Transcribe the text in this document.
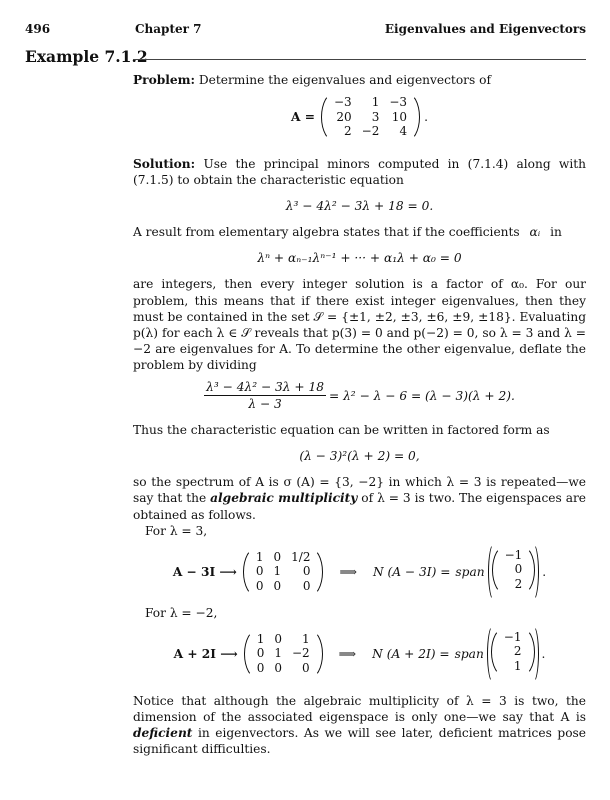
496	Chapter 7	Eigenvalues and Eigenvectors
Example 7.1.2

Problem: Determine the eigenvalues and eigenvectors of

A =
−3	1	−3
20	3	10
2	−2	4
.

Solution: Use the principal minors computed in (7.1.4) along with (7.1.5) to obtain the characteristic equation

λ³ − 4λ² − 3λ + 18 = 0.

A result from elementary algebra states that if the coefficients αᵢ in

λⁿ + αₙ₋₁λⁿ⁻¹ + ··· + α₁λ + α₀ = 0

are integers, then every integer solution is a factor of α₀. For our problem, this means that if there exist integer eigenvalues, then they must be contained in the set 𝒮 = {±1, ±2, ±3, ±6, ±9, ±18}. Evaluating p(λ) for each λ ∈ 𝒮 reveals that p(3) = 0 and p(−2) = 0, so λ = 3 and λ = −2 are eigenvalues for A. To determine the other eigenvalue, deflate the problem by dividing

$\frac{\text{λ³ − 4λ² − 3λ + 18}}{\lambda - 3} = \lambda^2 - \lambda - 6 = (\lambda - 3)(\lambda + 2)$.

Thus the characteristic equation can be written in factored form as

(λ − 3)²(λ + 2) = 0,

so the spectrum of A is σ (A) = {3, −2} in which λ = 3 is repeated—we say that the algebraic multiplicity of λ = 3 is two. The eigenspaces are obtained as follows.

For λ = 3,

A − 3I ⟶
1	0	1/2
0	1	0
0	0	0
⟹ N (A − 3I) = span
−1
0
2
.

For λ = −2,

A + 2I ⟶
1	0	1
0	1	−2
0	0	0
⟹ N (A + 2I) = span
−1
2
1
.

Notice that although the algebraic multiplicity of λ = 3 is two, the dimension of the associated eigenspace is only one—we say that A is deficient in eigenvectors. As we will see later, deficient matrices pose significant difficulties.
